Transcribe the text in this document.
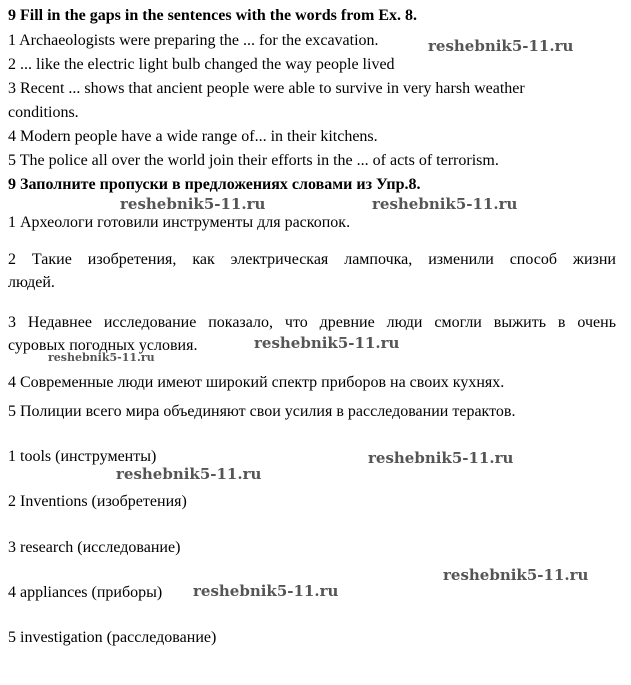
9 Fill in the gaps in the sentences with the words from Ex. 8.

1 Archaeologists were preparing the ... for the excavation.

2 ... like the electric light bulb changed the way people lived

3 Recent ... shows that ancient people were able to survive in very harsh weather

conditions.

4 Modern people have a wide range of... in their kitchens.

5 The police all over the world join their efforts in the ... of acts of terrorism.

9 Заполните пропуски в предложениях словами из Упр.8.

1 Археологи готовили инструменты для раскопок.

2 Такие изобретения, как электрическая лампочка, изменили способ жизни

людей.

3 Недавнее исследование показало, что древние люди смогли выжить в очень

суровых погодных условия.

4 Современные люди имеют широкий спектр приборов на своих кухнях.

5 Полиции всего мира объединяют свои усилия в расследовании терактов.

1 tools (инструменты)

2 Inventions (изобретения)

3 research (исследование)

4 appliances (приборы)

5 investigation (расследование)

reshebnik5-11.ru
reshebnik5-11.ru	reshebnik5-11.ru
reshebnik5-11.ru
reshebnik5-11.ru
reshebnik5-11.ru
reshebnik5-11.ru
reshebnik5-11.ru
reshebnik5-11.ru
